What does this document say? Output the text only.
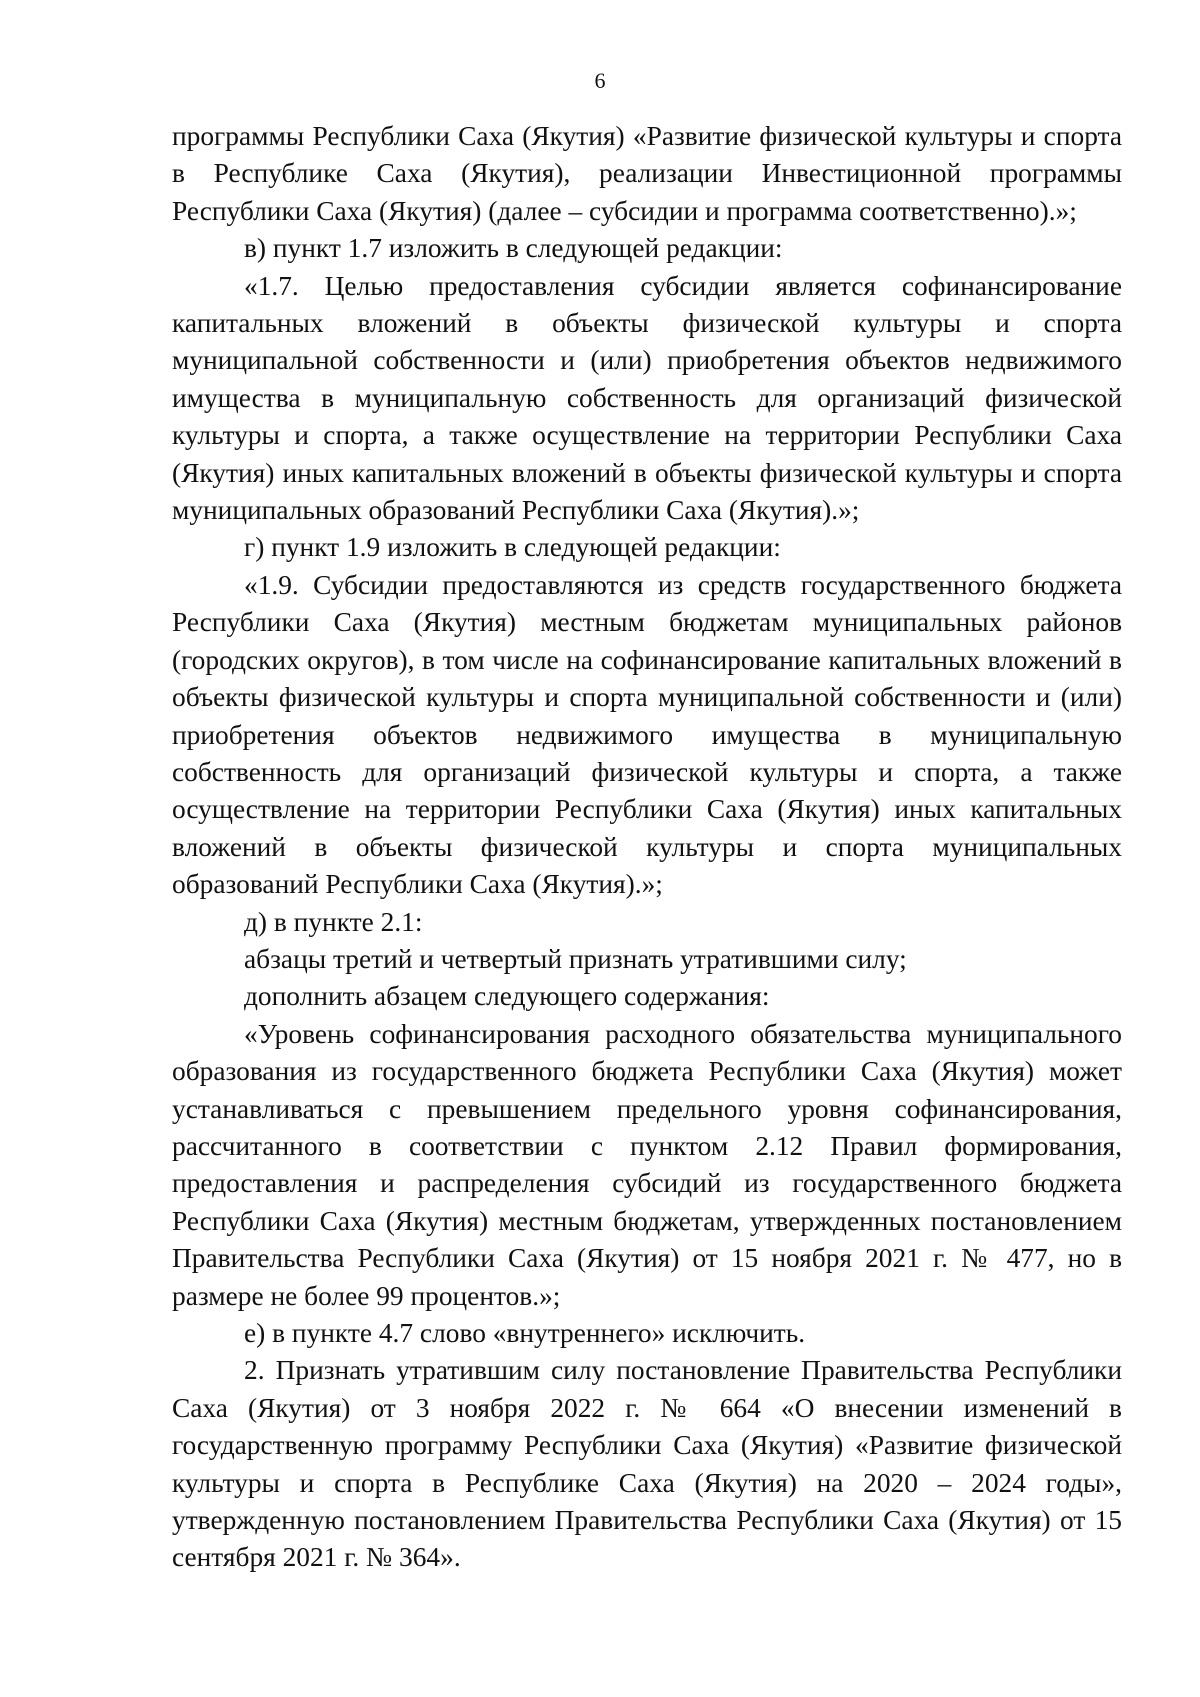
6

программы Республики Саха (Якутия) «Развитие физической культуры и спорта в Республике Саха (Якутия), реализации Инвестиционной программы Республики Саха (Якутия) (далее – субсидии и программа соответственно).»;

в) пункт 1.7 изложить в следующей редакции:

«1.7. Целью предоставления субсидии является софинансирование капитальных вложений в объекты физической культуры и спорта муниципальной собственности и (или) приобретения объектов недвижимого имущества в муниципальную собственность для организаций физической культуры и спорта, а также осуществление на территории Республики Саха (Якутия) иных капитальных вложений в объекты физической культуры и спорта муниципальных образований Республики Саха (Якутия).»;

г) пункт 1.9 изложить в следующей редакции:

«1.9. Субсидии предоставляются из средств государственного бюджета Республики Саха (Якутия) местным бюджетам муниципальных районов (городских округов), в том числе на софинансирование капитальных вложений в объекты физической культуры и спорта муниципальной собственности и (или) приобретения объектов недвижимого имущества в муниципальную собственность для организаций физической культуры и спорта, а также осуществление на территории Республики Саха (Якутия) иных капитальных вложений в объекты физической культуры и спорта муниципальных образований Республики Саха (Якутия).»;

д) в пункте 2.1:

абзацы третий и четвертый признать утратившими силу;

дополнить абзацем следующего содержания:

«Уровень софинансирования расходного обязательства муниципального образования из государственного бюджета Республики Саха (Якутия) может устанавливаться с превышением предельного уровня софинансирования, рассчитанного в соответствии с пунктом 2.12 Правил формирования, предоставления и распределения субсидий из государственного бюджета Республики Саха (Якутия) местным бюджетам, утвержденных постановлением Правительства Республики Саха (Якутия) от 15 ноября 2021 г. № 477, но в размере не более 99 процентов.»;

е) в пункте 4.7 слово «внутреннего» исключить.

2. Признать утратившим силу постановление Правительства Республики Саха (Якутия) от 3 ноября 2022 г. № 664 «О внесении изменений в государственную программу Республики Саха (Якутия) «Развитие физической культуры и спорта в Республике Саха (Якутия) на 2020 – 2024 годы», утвержденную постановлением Правительства Республики Саха (Якутия) от 15 сентября 2021 г. № 364».
